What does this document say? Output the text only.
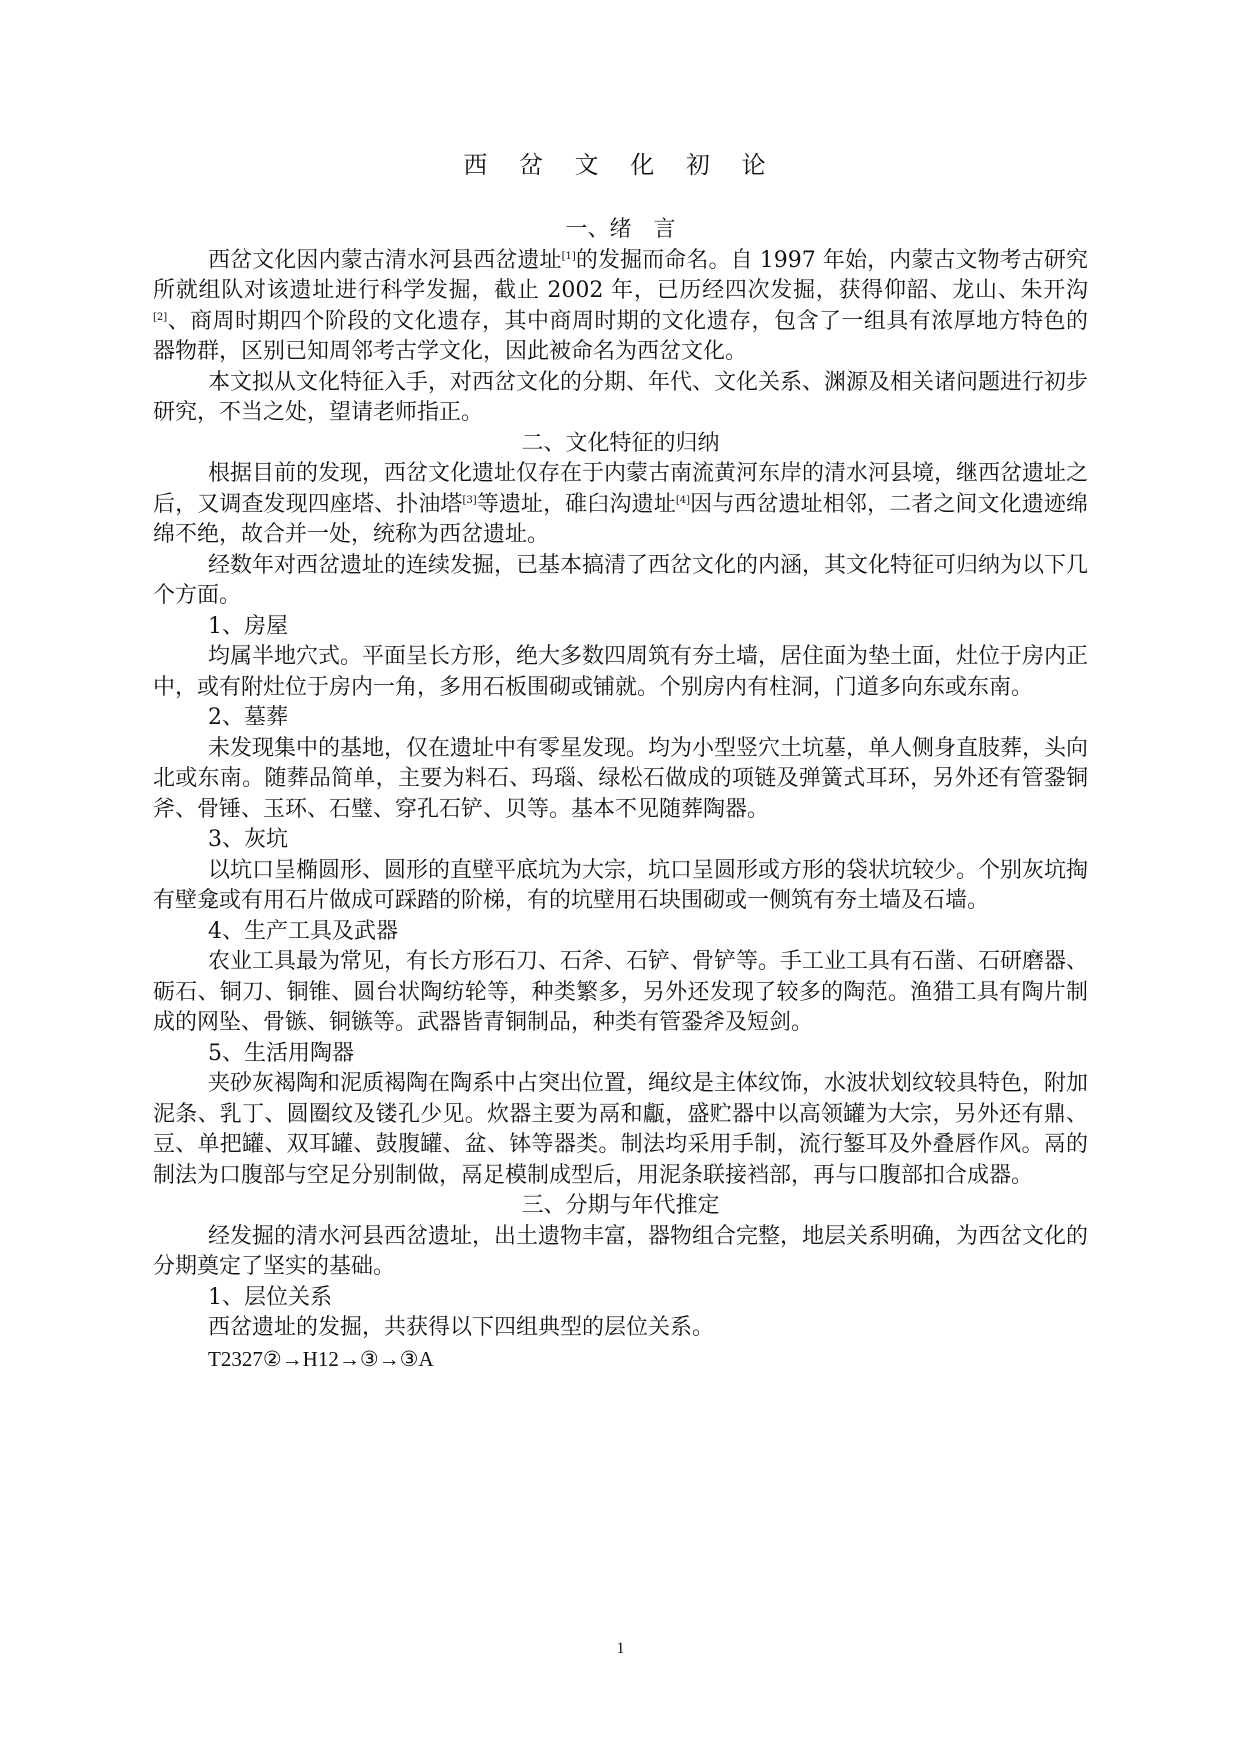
西 岔 文 化 初 论

一、绪　言

西岔文化因内蒙古清水河县西岔遗址[1]的发掘而命名。自 1997 年始，内蒙古文物考古研究所就组队对该遗址进行科学发掘，截止 2002 年，已历经四次发掘，获得仰韶、龙山、朱开沟[2]、商周时期四个阶段的文化遗存，其中商周时期的文化遗存，包含了一组具有浓厚地方特色的器物群，区别已知周邻考古学文化，因此被命名为西岔文化。

本文拟从文化特征入手，对西岔文化的分期、年代、文化关系、渊源及相关诸问题进行初步研究，不当之处，望请老师指正。

二、文化特征的归纳

根据目前的发现，西岔文化遗址仅存在于内蒙古南流黄河东岸的清水河县境，继西岔遗址之后，又调查发现四座塔、扑油塔[3]等遗址，碓臼沟遗址[4]因与西岔遗址相邻，二者之间文化遗迹绵绵不绝，故合并一处，统称为西岔遗址。

经数年对西岔遗址的连续发掘，已基本搞清了西岔文化的内涵，其文化特征可归纳为以下几个方面。

1、房屋

均属半地穴式。平面呈长方形，绝大多数四周筑有夯土墙，居住面为垫土面，灶位于房内正中，或有附灶位于房内一角，多用石板围砌或铺就。个别房内有柱洞，门道多向东或东南。

2、墓葬

未发现集中的基地，仅在遗址中有零星发现。均为小型竖穴土坑墓，单人侧身直肢葬，头向北或东南。随葬品简单，主要为料石、玛瑙、绿松石做成的项链及弹簧式耳环，另外还有管銎铜斧、骨锤、玉环、石璧、穿孔石铲、贝等。基本不见随葬陶器。

3、灰坑

以坑口呈椭圆形、圆形的直壁平底坑为大宗，坑口呈圆形或方形的袋状坑较少。个别灰坑掏有壁龛或有用石片做成可踩踏的阶梯，有的坑壁用石块围砌或一侧筑有夯土墙及石墙。

4、生产工具及武器

农业工具最为常见，有长方形石刀、石斧、石铲、骨铲等。手工业工具有石凿、石研磨器、砺石、铜刀、铜锥、圆台状陶纺轮等，种类繁多，另外还发现了较多的陶范。渔猎工具有陶片制成的网坠、骨镞、铜镞等。武器皆青铜制品，种类有管銎斧及短剑。

5、生活用陶器

夹砂灰褐陶和泥质褐陶在陶系中占突出位置，绳纹是主体纹饰，水波状划纹较具特色，附加泥条、乳丁、圆圈纹及镂孔少见。炊器主要为鬲和甗，盛贮器中以高领罐为大宗，另外还有鼎、豆、单把罐、双耳罐、鼓腹罐、盆、钵等器类。制法均采用手制，流行錾耳及外叠唇作风。鬲的制法为口腹部与空足分别制做，鬲足模制成型后，用泥条联接裆部，再与口腹部扣合成器。

三、分期与年代推定

经发掘的清水河县西岔遗址，出土遗物丰富，器物组合完整，地层关系明确，为西岔文化的分期奠定了坚实的基础。

1、层位关系

西岔遗址的发掘，共获得以下四组典型的层位关系。

T2327②→H12→③→③A

1
